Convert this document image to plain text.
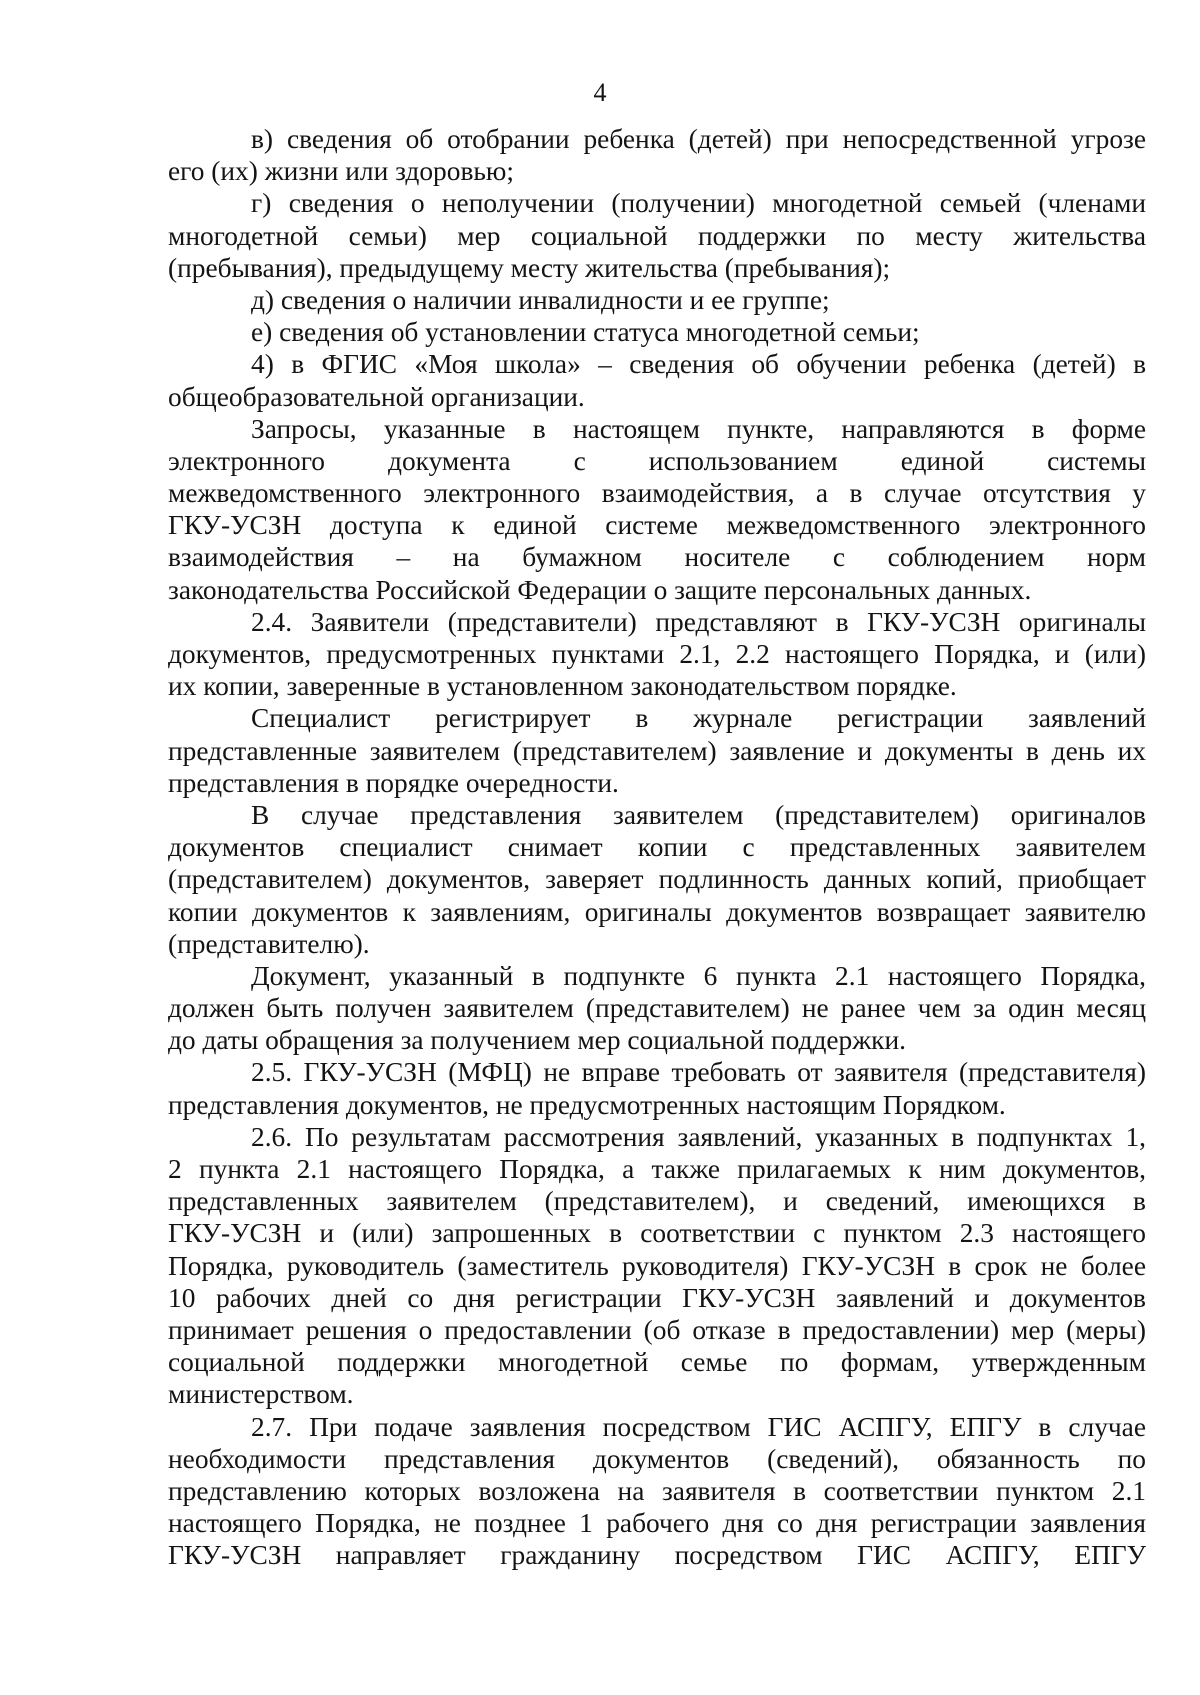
4
в) сведения об отобрании ребенка (детей) при непосредственной угрозе
его (их) жизни или здоровью;
г) сведения о неполучении (получении) многодетной семьей (членами
многодетной семьи) мер социальной поддержки по месту жительства
(пребывания), предыдущему месту жительства (пребывания);
д) сведения о наличии инвалидности и ее группе;
е) сведения об установлении статуса многодетной семьи;
4) в ФГИС «Моя школа» – сведения об обучении ребенка (детей) в
общеобразовательной организации.
Запросы, указанные в настоящем пункте, направляются в форме
электронного документа с использованием единой системы
межведомственного электронного взаимодействия, а в случае отсутствия у
ГКУ-УСЗН доступа к единой системе межведомственного электронного
взаимодействия – на бумажном носителе с соблюдением норм
законодательства Российской Федерации о защите персональных данных.
2.4. Заявители (представители) представляют в ГКУ-УСЗН оригиналы
документов, предусмотренных пунктами 2.1, 2.2 настоящего Порядка, и (или)
их копии, заверенные в установленном законодательством порядке.
Специалист регистрирует в журнале регистрации заявлений
представленные заявителем (представителем) заявление и документы в день их
представления в порядке очередности.
В случае представления заявителем (представителем) оригиналов
документов специалист снимает копии с представленных заявителем
(представителем) документов, заверяет подлинность данных копий, приобщает
копии документов к заявлениям, оригиналы документов возвращает заявителю
(представителю).
Документ, указанный в подпункте 6 пункта 2.1 настоящего Порядка,
должен быть получен заявителем (представителем) не ранее чем за один месяц
до даты обращения за получением мер социальной поддержки.
2.5. ГКУ-УСЗН (МФЦ) не вправе требовать от заявителя (представителя)
представления документов, не предусмотренных настоящим Порядком.
2.6. По результатам рассмотрения заявлений, указанных в подпунктах 1,
2 пункта 2.1 настоящего Порядка, а также прилагаемых к ним документов,
представленных заявителем (представителем), и сведений, имеющихся в
ГКУ-УСЗН и (или) запрошенных в соответствии с пунктом 2.3 настоящего
Порядка, руководитель (заместитель руководителя) ГКУ-УСЗН в срок не более
10 рабочих дней со дня регистрации ГКУ-УСЗН заявлений и документов
принимает решения о предоставлении (об отказе в предоставлении) мер (меры)
социальной поддержки многодетной семье по формам, утвержденным
министерством.
2.7. При подаче заявления посредством ГИС АСПГУ, ЕПГУ в случае
необходимости представления документов (сведений), обязанность по
представлению которых возложена на заявителя в соответствии пунктом 2.1
настоящего Порядка, не позднее 1 рабочего дня со дня регистрации заявления
ГКУ-УСЗН направляет гражданину посредством ГИС АСПГУ, ЕПГУ
